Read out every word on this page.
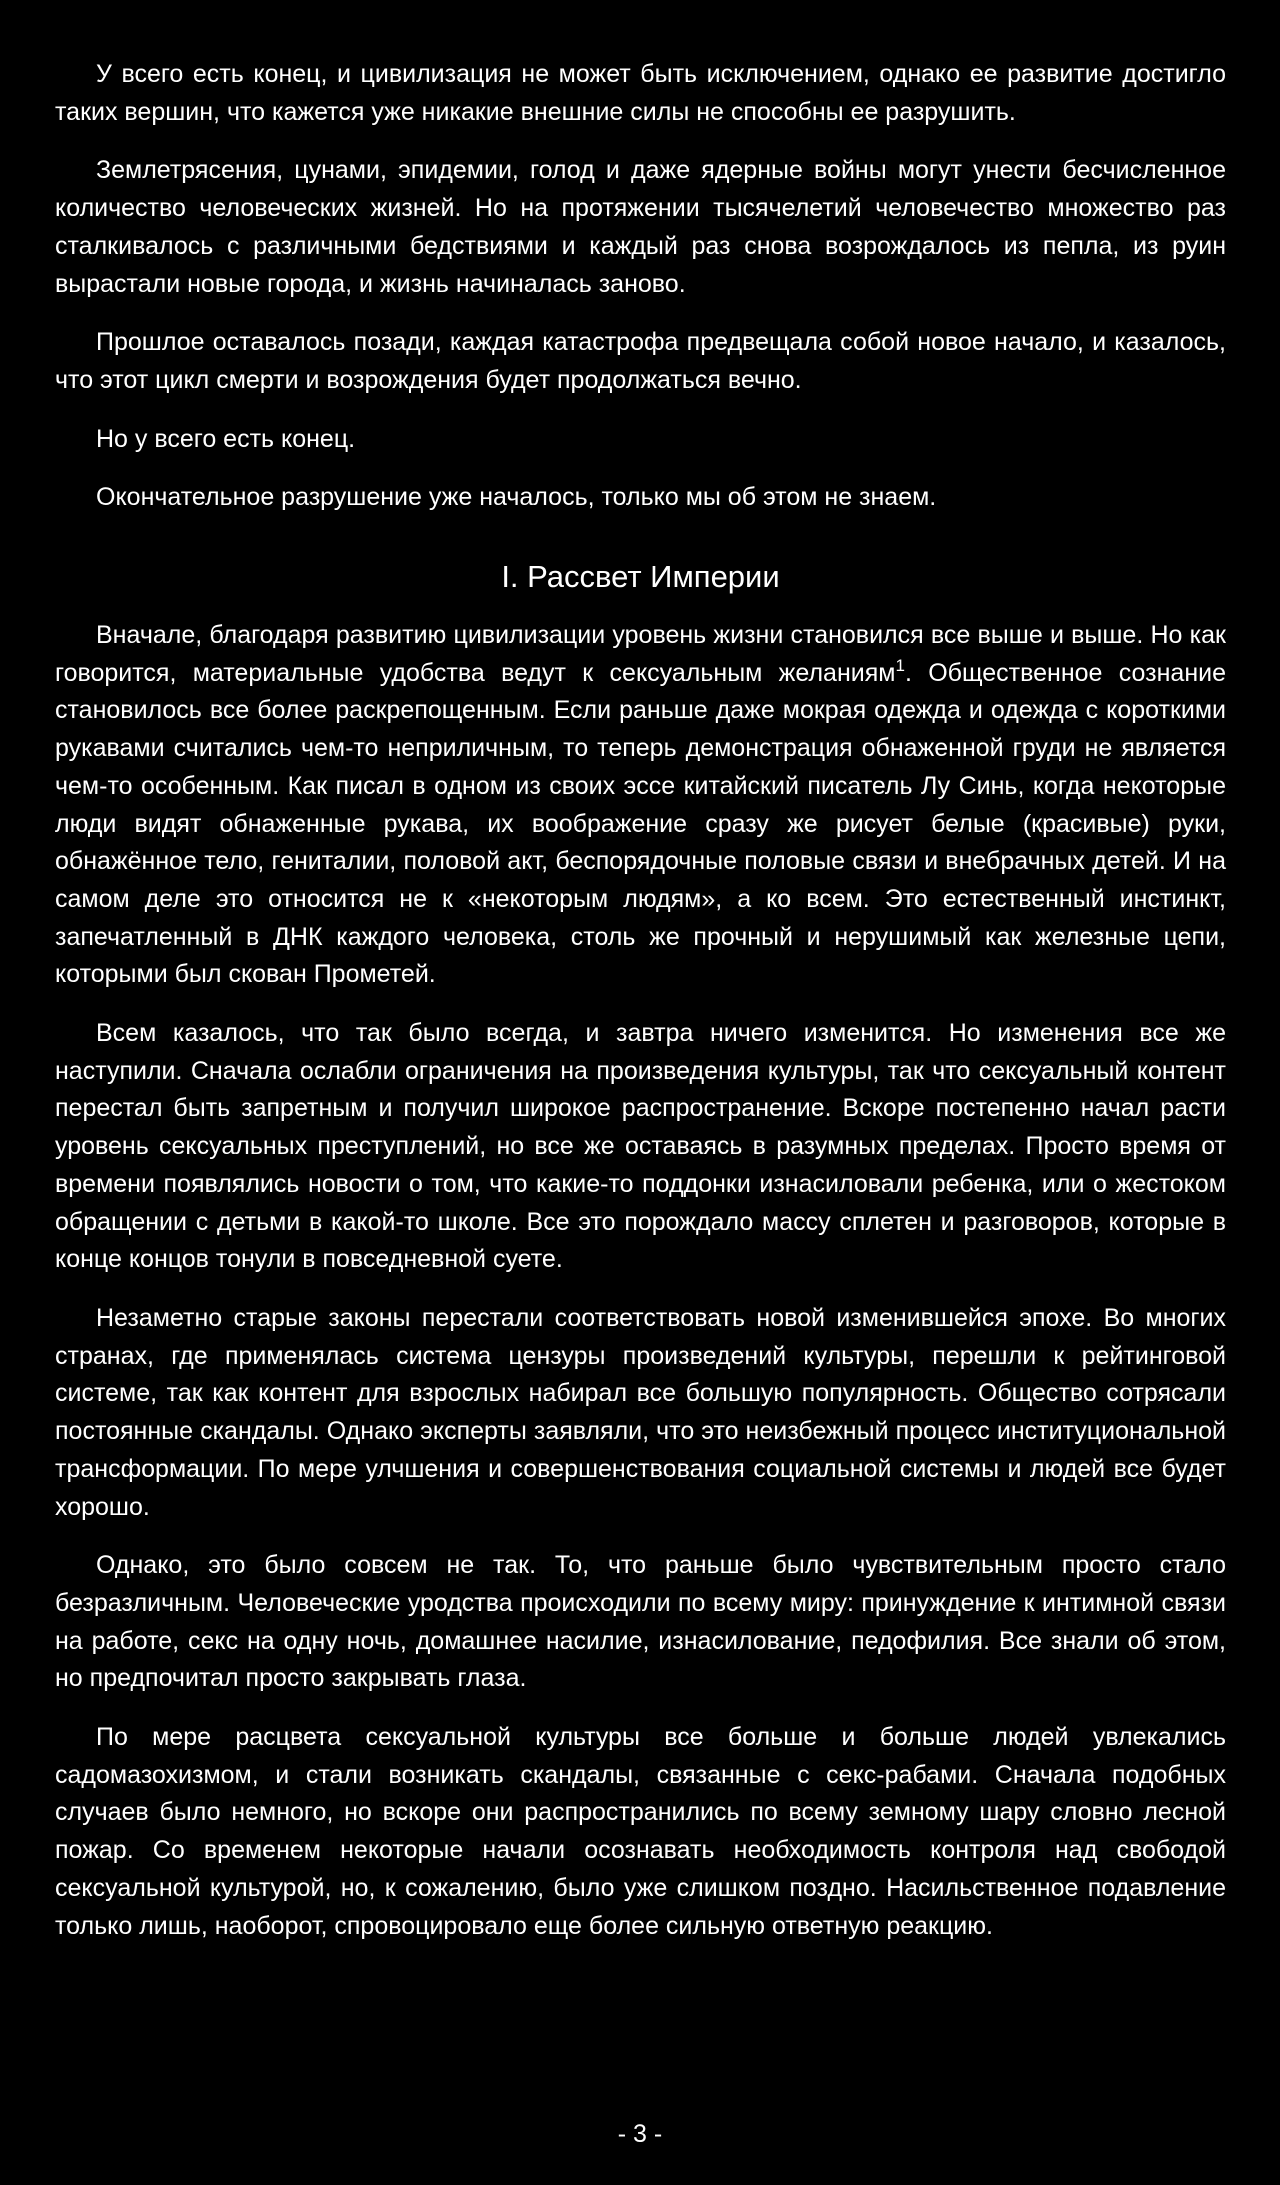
У всего есть конец, и цивилизация не может быть исключением, однако ее развитие достигло таких вершин, что кажется уже никакие внешние силы не способны ее разрушить.

Землетрясения, цунами, эпидемии, голод и даже ядерные войны могут унести бесчисленное количество человеческих жизней. Но на протяжении тысячелетий человечество множество раз сталкивалось с различными бедствиями и каждый раз снова возрождалось из пепла, из руин вырастали новые города, и жизнь начиналась заново.

Прошлое оставалось позади, каждая катастрофа предвещала собой новое начало, и казалось, что этот цикл смерти и возрождения будет продолжаться вечно.

Но у всего есть конец.

Окончательное разрушение уже началось, только мы об этом не знаем.

I. Рассвет Империи

Вначале, благодаря развитию цивилизации уровень жизни становился все выше и выше. Но как говорится, материальные удобства ведут к сексуальным желаниям$^1$. Общественное сознание становилось все более раскрепощенным. Если раньше даже мокрая одежда и одежда с короткими рукавами считались чем-то неприличным, то теперь демонстрация обнаженной груди не является чем-то особенным. Как писал в одном из своих эссе китайский писатель Лу Синь, когда некоторые люди видят обнаженные рукава, их воображение сразу же рисует белые (красивые) руки, обнажённое тело, гениталии, половой акт, беспорядочные половые связи и внебрачных детей. И на самом деле это относится не к «некоторым людям», а ко всем. Это естественный инстинкт, запечатленный в ДНК каждого человека, столь же прочный и нерушимый как железные цепи, которыми был скован Прометей.

Всем казалось, что так было всегда, и завтра ничего изменится. Но изменения все же наступили. Сначала ослабли ограничения на произведения культуры, так что сексуальный контент перестал быть запретным и получил широкое распространение. Вскоре постепенно начал расти уровень сексуальных преступлений, но все же оставаясь в разумных пределах. Просто время от времени появлялись новости о том, что какие-то поддонки изнасиловали ребенка, или о жестоком обращении с детьми в какой-то школе. Все это порождало массу сплетен и разговоров, которые в конце концов тонули в повседневной суете.

Незаметно старые законы перестали соответствовать новой изменившейся эпохе. Во многих странах, где применялась система цензуры произведений культуры, перешли к рейтинговой системе, так как контент для взрослых набирал все большую популярность. Общество сотрясали постоянные скандалы. Однако эксперты заявляли, что это неизбежный процесс институциональной трансформации. По мере улчшения и совершенствования социальной системы и людей все будет хорошо.

Однако, это было совсем не так. То, что раньше было чувствительным просто стало безразличным. Человеческие уродства происходили по всему миру: принуждение к интимной связи на работе, секс на одну ночь, домашнее насилие, изнасилование, педофилия. Все знали об этом, но предпочитал просто закрывать глаза.

По мере расцвета сексуальной культуры все больше и больше людей увлекались садомазохизмом, и стали возникать скандалы, связанные с секс-рабами. Сначала подобных случаев было немного, но вскоре они распространились по всему земному шару словно лесной пожар. Со временем некоторые начали осознавать необходимость контроля над свободой сексуальной культурой, но, к сожалению, было уже слишком поздно. Насильственное подавление только лишь, наоборот, спровоцировало еще более сильную ответную реакцию.

- 3 -
